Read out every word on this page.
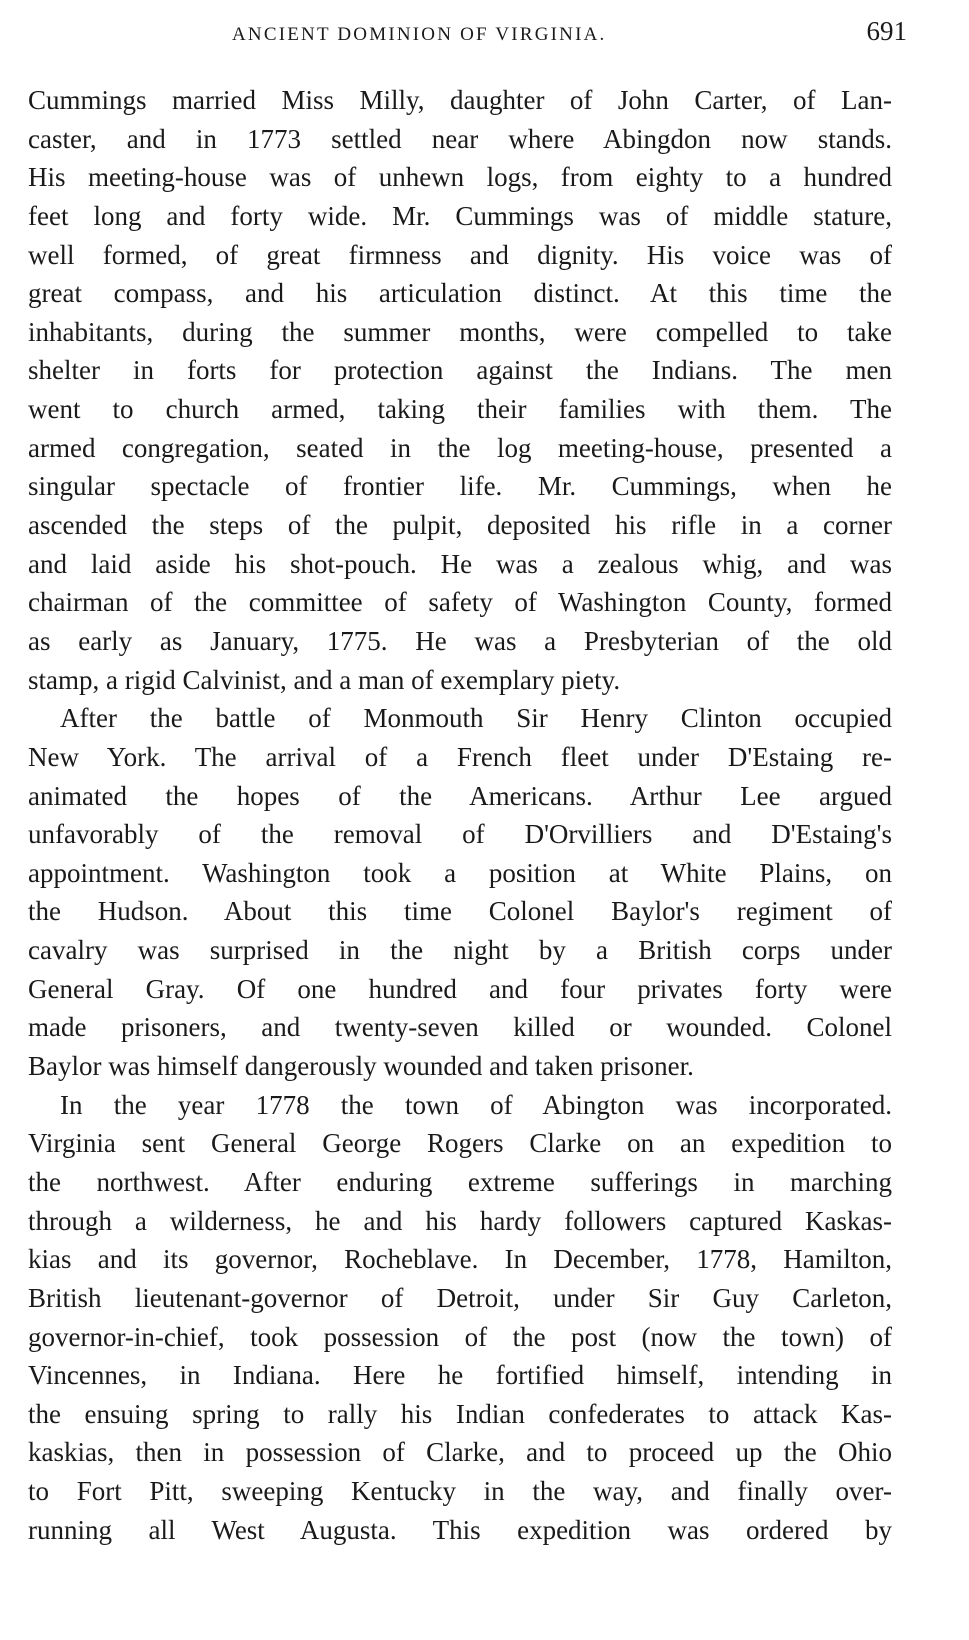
ANCIENT DOMINION OF VIRGINIA.	691
Cummings married Miss Milly, daughter of John Carter, of Lan-
caster, and in 1773 settled near where Abingdon now stands.
His meeting-house was of unhewn logs, from eighty to a hundred
feet long and forty wide. Mr. Cummings was of middle stature,
well formed, of great firmness and dignity. His voice was of
great compass, and his articulation distinct. At this time the
inhabitants, during the summer months, were compelled to take
shelter in forts for protection against the Indians. The men
went to church armed, taking their families with them. The
armed congregation, seated in the log meeting-house, presented a
singular spectacle of frontier life. Mr. Cummings, when he
ascended the steps of the pulpit, deposited his rifle in a corner
and laid aside his shot-pouch. He was a zealous whig, and was
chairman of the committee of safety of Washington County, formed
as early as January, 1775. He was a Presbyterian of the old
stamp, a rigid Calvinist, and a man of exemplary piety.
After the battle of Monmouth Sir Henry Clinton occupied
New York. The arrival of a French fleet under D'Estaing re-
animated the hopes of the Americans. Arthur Lee argued
unfavorably of the removal of D'Orvilliers and D'Estaing's
appointment. Washington took a position at White Plains, on
the Hudson. About this time Colonel Baylor's regiment of
cavalry was surprised in the night by a British corps under
General Gray. Of one hundred and four privates forty were
made prisoners, and twenty-seven killed or wounded. Colonel
Baylor was himself dangerously wounded and taken prisoner.
In the year 1778 the town of Abington was incorporated.
Virginia sent General George Rogers Clarke on an expedition to
the northwest. After enduring extreme sufferings in marching
through a wilderness, he and his hardy followers captured Kaskas-
kias and its governor, Rocheblave. In December, 1778, Hamilton,
British lieutenant-governor of Detroit, under Sir Guy Carleton,
governor-in-chief, took possession of the post (now the town) of
Vincennes, in Indiana. Here he fortified himself, intending in
the ensuing spring to rally his Indian confederates to attack Kas-
kaskias, then in possession of Clarke, and to proceed up the Ohio
to Fort Pitt, sweeping Kentucky in the way, and finally over-
running all West Augusta. This expedition was ordered by
